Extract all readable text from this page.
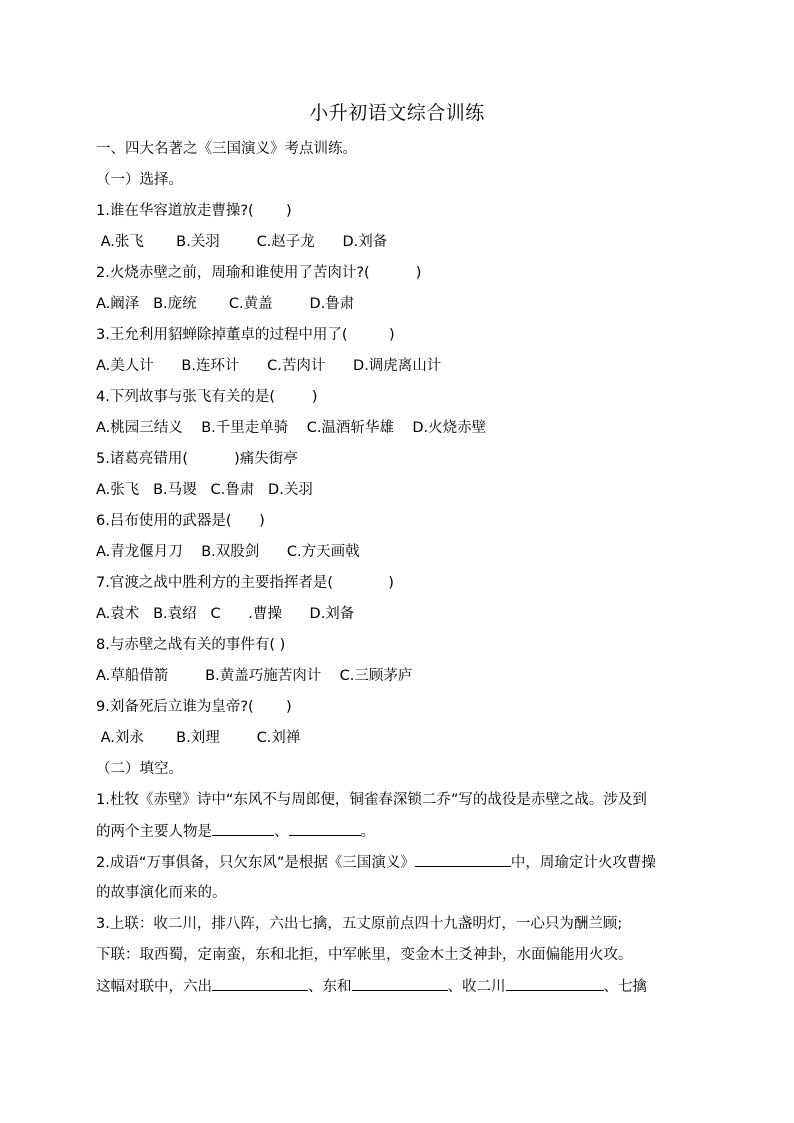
小升初语文综合训练
一、四大名著之《三国演义》考点训练。
（一）选择。
1.谁在华容道放走曹操?(       )
A.张飞       B.关羽        C.赵子龙      D.刘备
2.火烧赤壁之前，周瑜和谁使用了苦肉计?(          )
A.阚泽   B.庞统       C.黄盖        D.鲁肃
3.王允利用貂蝉除掉董卓的过程中用了(         )
A.美人计      B.连环计      C.苦肉计      D.调虎离山计
4.下列故事与张飞有关的是(        )
A.桃园三结义    B.千里走单骑    C.温酒斩华雄    D.火烧赤壁
5.诸葛亮错用(          )痛失街亭
A.张飞   B.马谡   C.鲁肃   D.关羽
6.吕布使用的武器是(      )
A.青龙偃月刀    B.双股剑      C.方天画戟
7.官渡之战中胜利方的主要指挥者是(            )
A.袁术   B.袁绍   C      .曹操      D.刘备
8.与赤壁之战有关的事件有( )
A.草船借箭        B.黄盖巧施苦肉计    C.三顾茅庐
9.刘备死后立谁为皇帝?(       )
A.刘永       B.刘理        C.刘禅
（二）填空。
1.杜牧《赤壁》诗中“东风不与周郎便，铜雀春深锁二乔”写的战役是赤壁之战。涉及到
的两个主要人物是	、	。
2.成语“万事俱备，只欠东风”是根据《三国演义》	中，周瑜定计火攻曹操
的故事演化而来的。
3.上联：收二川，排八阵，六出七擒，五丈原前点四十九盏明灯，一心只为酬兰顾;
下联：取西蜀，定南蛮，东和北拒，中军帐里，变金木土爻神卦，水面偏能用火攻。
这幅对联中，六出	、东和	、收二川	、七擒
